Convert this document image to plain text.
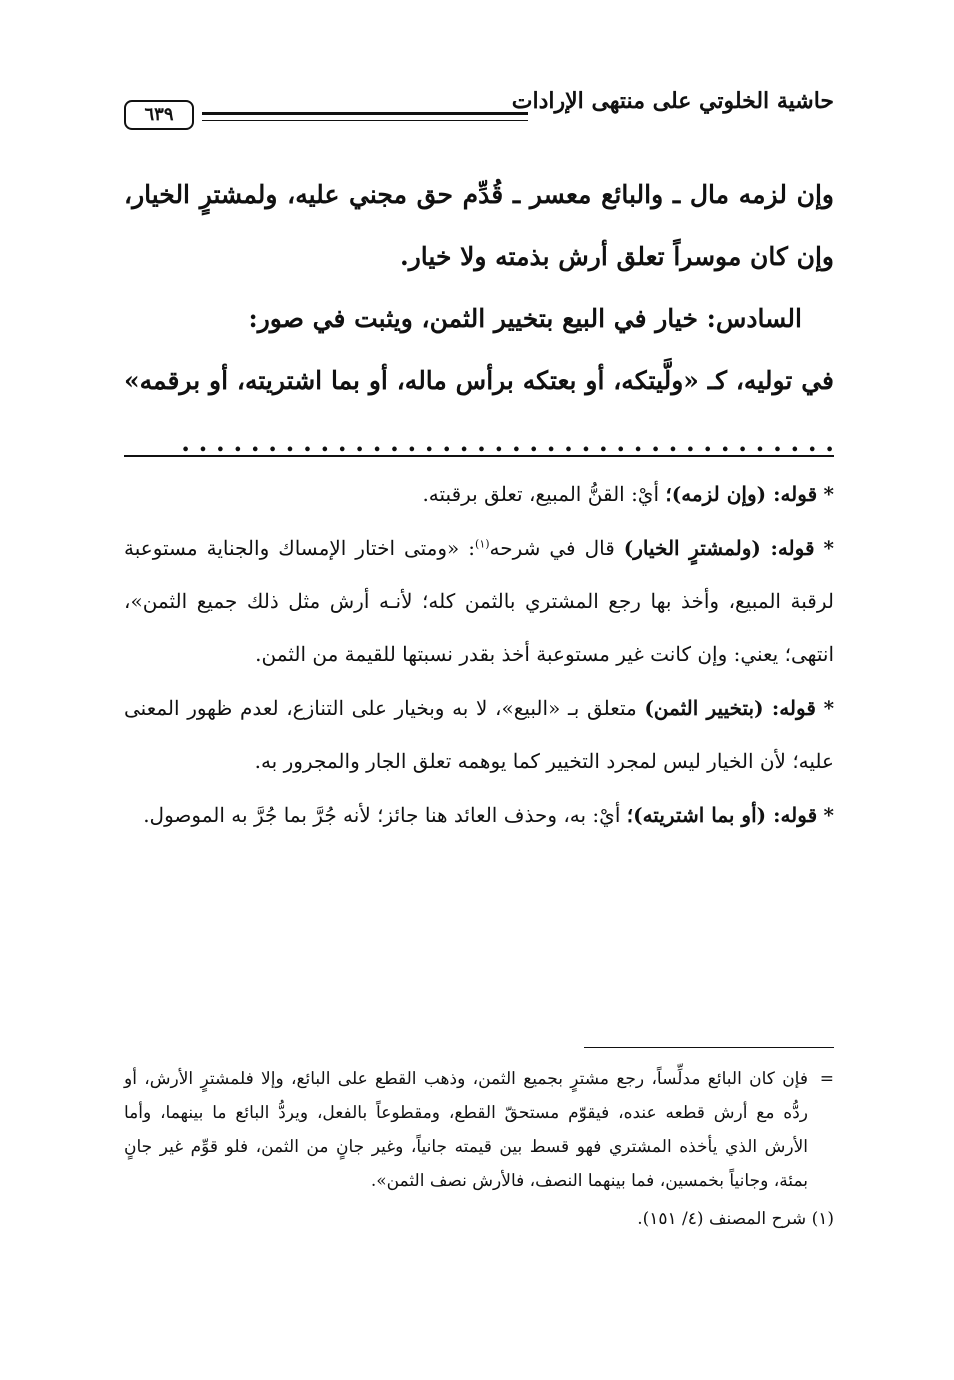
حاشية الخلوتي على منتهى الإرادات
٦٣٩

وإن لزمه مال ـ والبائع معسر ـ قُدِّم حق مجني عليه، ولمشترٍ الخيار، وإن كان موسراً تعلق أرش بذمته ولا خيار.

السادس: خيار في البيع بتخيير الثمن، ويثبت في صور:

في توليه، كـ «ولَّيتكه، أو بعتكه برأس ماله، أو بما اشتريته، أو برقمه» . . . . . . . . . . . . . . . . . . . . . . . . . . . . . . . . . . . . . .

* قوله: (وإن لزمه)؛ أيْ: القنُّ المبيع، تعلق برقبته.

* قوله: (ولمشترٍ الخيار) قال في شرحه$^{(١)}$: «ومتى اختار الإمساك والجناية مستوعبة لرقبة المبيع، وأخذ بها رجع المشتري بالثمن كله؛ لأنـه أرش مثل ذلك جميع الثمن»، انتهى؛ يعني: وإن كانت غير مستوعبة أخذ بقدر نسبتها للقيمة من الثمن.

* قوله: (بتخيير الثمن) متعلق بـ «البيع»، لا به وبخيار على التنازع، لعدم ظهور المعنى عليه؛ لأن الخيار ليس لمجرد التخيير كما يوهمه تعلق الجار والمجرور به.

* قوله: (أو بما اشتريته)؛ أيْ: به، وحذف العائد هنا جائز؛ لأنه جُرَّ بما جُرَّ به الموصول.

=
فإن كان البائع مدلِّساً، رجع مشترٍ بجميع الثمن، وذهب القطع على البائع، وإلا فلمشترٍ الأرش، أو ردُّه مع أرش قطعه عنده، فيقوّم مستحقّ القطع، ومقطوعاً بالفعل، ويردُّ البائع ما بينهما، وأما الأرش الذي يأخذه المشتري فهو قسط بين قيمته جانياً، وغير جانٍ من الثمن، فلو قوِّم غير جانٍ بمئة، وجانياً بخمسين، فما بينهما النصف، فالأرش نصف الثمن».

(١) شرح المصنف (٤/ ١٥١).
